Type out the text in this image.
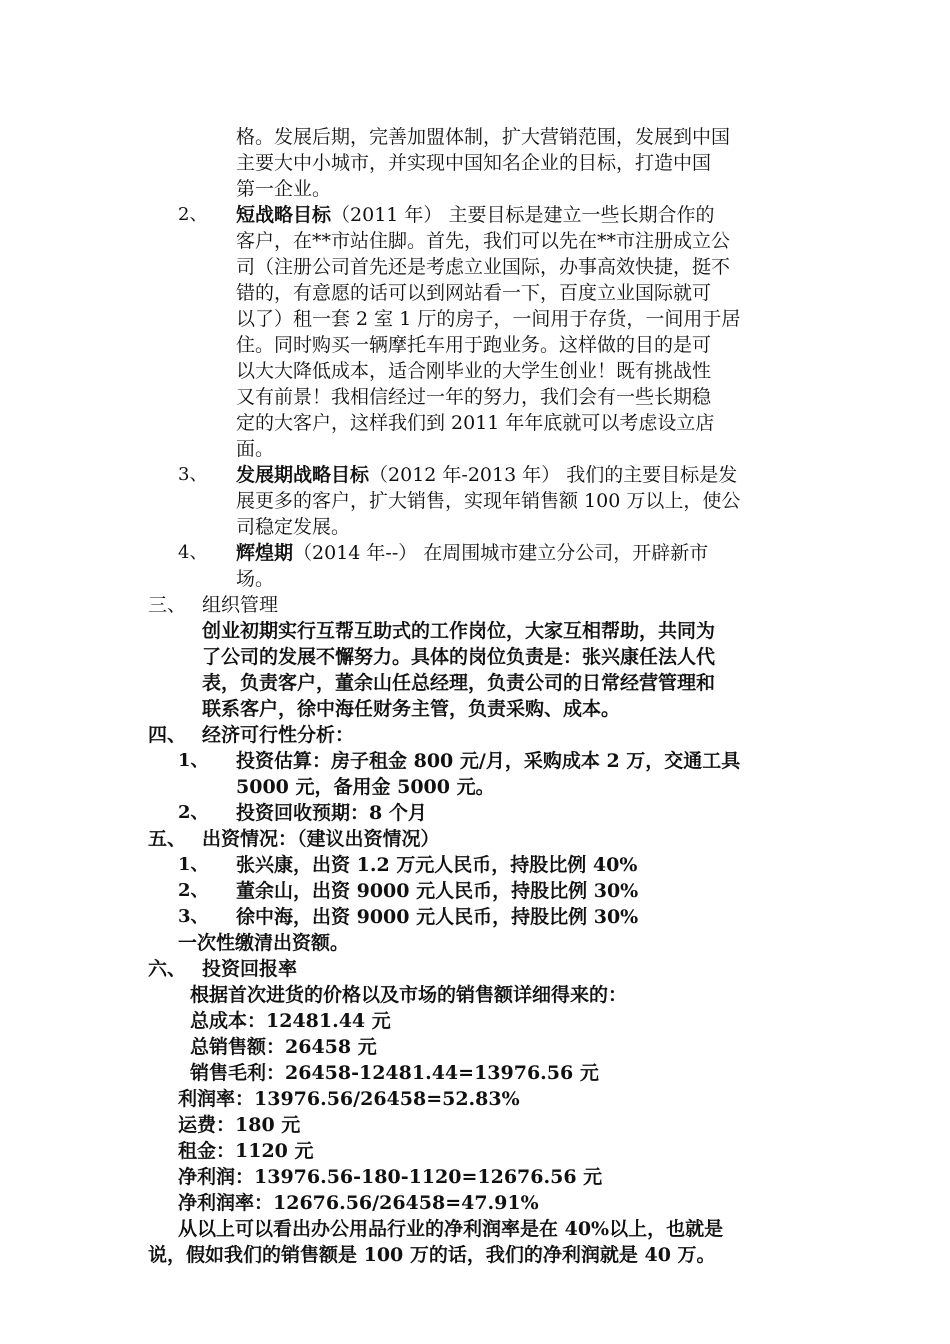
格。发展后期，完善加盟体制，扩大营销范围，发展到中国
主要大中小城市，并实现中国知名企业的目标，打造中国
第一企业。
2、 短战略目标（2011 年） 主要目标是建立一些长期合作的
客户，在**市站住脚。首先，我们可以先在**市注册成立公
司（注册公司首先还是考虑立业国际，办事高效快捷，挺不
错的，有意愿的话可以到网站看一下，百度立业国际就可
以了）租一套 2 室 1 厅的房子，一间用于存货，一间用于居
住。同时购买一辆摩托车用于跑业务。这样做的目的是可
以大大降低成本，适合刚毕业的大学生创业！既有挑战性
又有前景！我相信经过一年的努力，我们会有一些长期稳
定的大客户，这样我们到 2011 年年底就可以考虑设立店
面。
3、 发展期战略目标（2012 年-2013 年） 我们的主要目标是发
展更多的客户，扩大销售，实现年销售额 100 万以上，使公
司稳定发展。
4、 辉煌期（2014 年--） 在周围城市建立分公司，开辟新市
场。
三、 组织管理
创业初期实行互帮互助式的工作岗位，大家互相帮助，共同为
了公司的发展不懈努力。具体的岗位负责是：张兴康任法人代
表，负责客户，董余山任总经理，负责公司的日常经营管理和
联系客户，徐中海任财务主管，负责采购、成本。
四、 经济可行性分析：
1、 投资估算：房子租金 800 元/月，采购成本 2 万，交通工具
5000 元，备用金 5000 元。
2、 投资回收预期：8 个月
五、 出资情况：（建议出资情况）
1、 张兴康，出资 1.2 万元人民币，持股比例 40%
2、 董余山，出资 9000 元人民币，持股比例 30%
3、 徐中海，出资 9000 元人民币，持股比例 30%
一次性缴清出资额。
六、 投资回报率
根据首次进货的价格以及市场的销售额详细得来的：
总成本：12481.44 元
总销售额：26458 元
销售毛利：26458-12481.44=13976.56 元
利润率：13976.56/26458=52.83%
运费：180 元
租金：1120 元
净利润：13976.56-180-1120=12676.56 元
净利润率：12676.56/26458=47.91%
从以上可以看出办公用品行业的净利润率是在 40%以上，也就是
说，假如我们的销售额是 100 万的话，我们的净利润就是 40 万。
